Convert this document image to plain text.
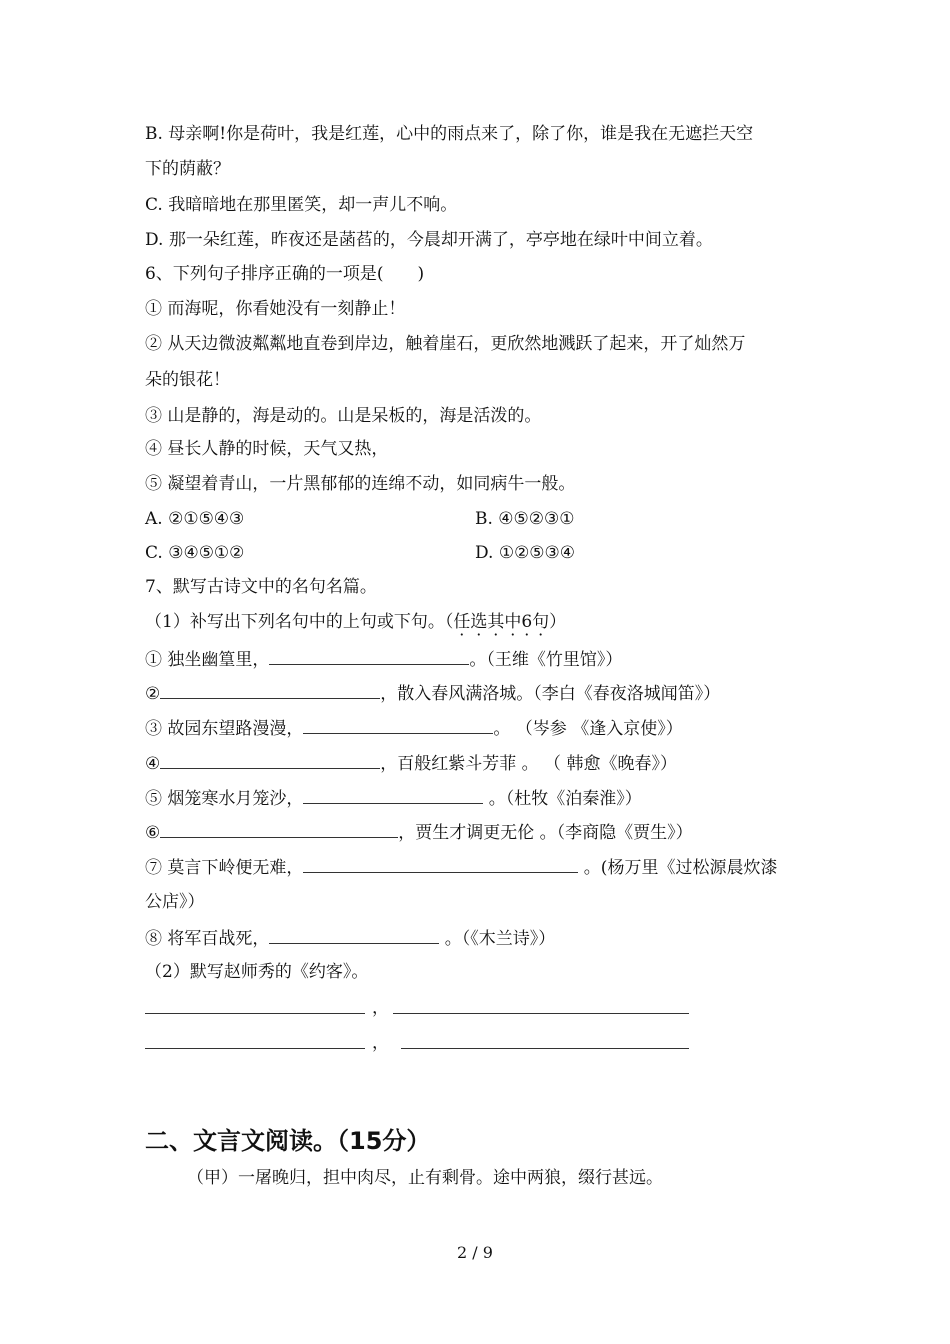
B. 母亲啊!你是荷叶，我是红莲，心中的雨点来了，除了你，谁是我在无遮拦天空
下的荫蔽？
C. 我暗暗地在那里匿笑，却一声儿不响。
D. 那一朵红莲，昨夜还是菡萏的，今晨却开满了，亭亭地在绿叶中间立着。
6、下列句子排序正确的一项是(　　)
① 而海呢，你看她没有一刻静止！
② 从天边微波粼粼地直卷到岸边，触着崖石，更欣然地溅跃了起来，开了灿然万
朵的银花！
③ 山是静的，海是动的。山是呆板的，海是活泼的。
④ 昼长人静的时候，天气又热，
⑤ 凝望着青山，一片黑郁郁的连绵不动，如同病牛一般。
A. ②①⑤④③	B. ④⑤②③①
C. ③④⑤①②	D. ①②⑤③④
7、默写古诗文中的名句名篇。
（1）补写出下列名句中的上句或下句。（任选其中6 ·句）
① 独坐幽篁里，	。（王维《竹里馆》）
②	，散入春风满洛城。（李白《春夜洛城闻笛》）
③ 故园东望路漫漫，	。 （岑参 《逢入京使》）
④	，百般红紫斗芳菲 。 （ 韩愈《晚春》）
⑤ 烟笼寒水月笼沙，	。（杜牧《泊秦淮》）
⑥	，贾生才调更无伦 。（李商隐《贾生》）
⑦ 莫言下岭便无难，	。(杨万里《过松源晨炊漆
公店》）
⑧ 将军百战死，	。（《木兰诗》）
（2）默写赵师秀的《约客》。
，
，
二、文言文阅读。（15分）
（甲）一屠晚归，担中肉尽，止有剩骨。途中两狼，缀行甚远。
2 / 9
